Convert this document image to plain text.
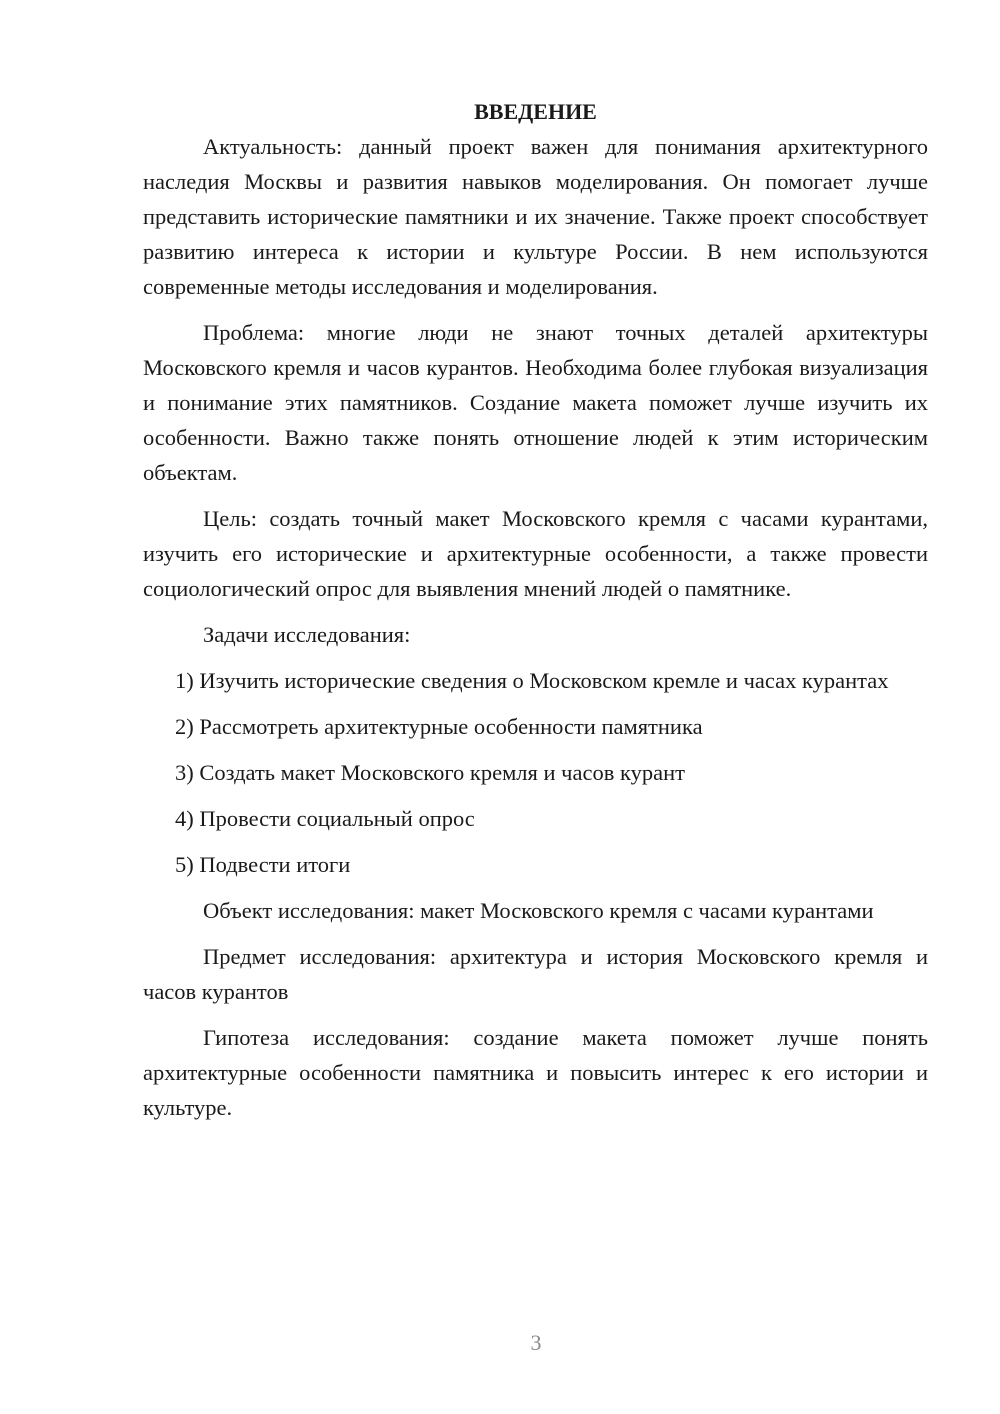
ВВЕДЕНИЕ

Актуальность: данный проект важен для понимания архитектурного наследия Москвы и развития навыков моделирования. Он помогает лучше представить исторические памятники и их значение. Также проект способствует развитию интереса к истории и культуре России. В нем используются современные методы исследования и моделирования.

Проблема: многие люди не знают точных деталей архитектуры Московского кремля и часов курантов. Необходима более глубокая визуализация и понимание этих памятников. Создание макета поможет лучше изучить их особенности. Важно также понять отношение людей к этим историческим объектам.

Цель: создать точный макет Московского кремля с часами курантами, изучить его исторические и архитектурные особенности, а также провести социологический опрос для выявления мнений людей о памятнике.

Задачи исследования:

1) Изучить исторические сведения о Московском кремле и часах курантах

2) Рассмотреть архитектурные особенности памятника

3) Создать макет Московского кремля и часов курант

4) Провести социальный опрос

5) Подвести итоги

Объект исследования: макет Московского кремля с часами курантами

Предмет исследования: архитектура и история Московского кремля и часов курантов

Гипотеза исследования: создание макета поможет лучше понять архитектурные особенности памятника и повысить интерес к его истории и культуре.

3
